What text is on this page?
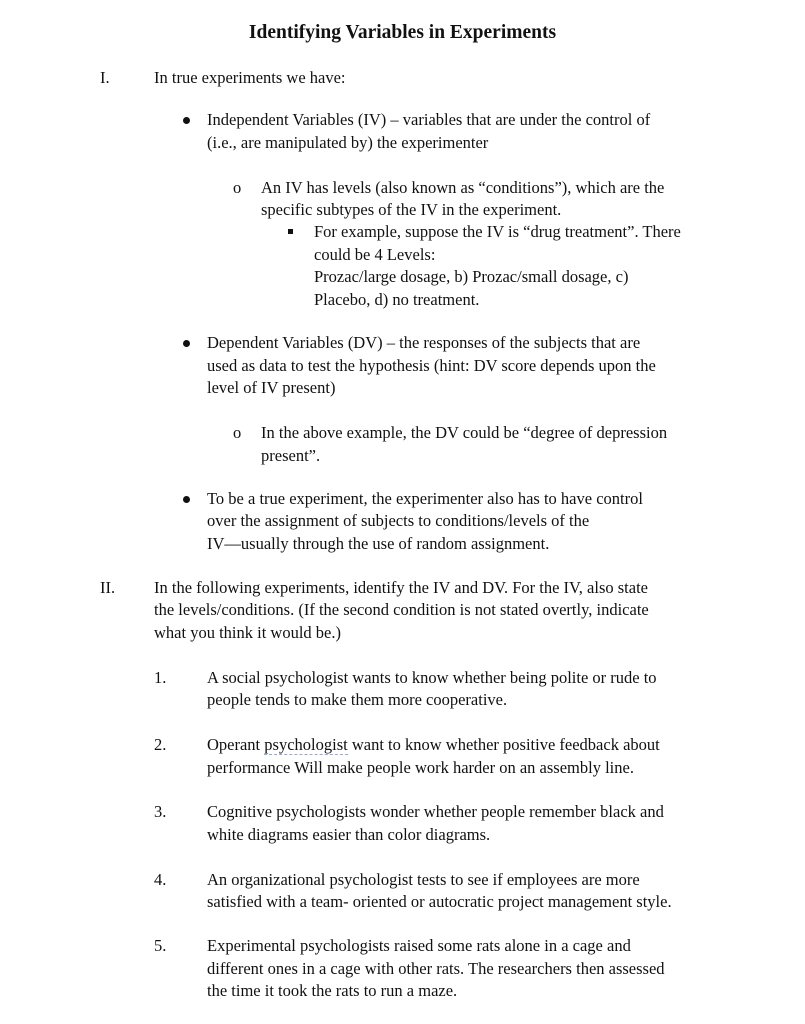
Identifying Variables in Experiments
I.	In true experiments we have:
Independent Variables (IV) – variables that are under the control of
(i.e., are manipulated by) the experimenter
o An IV has levels (also known as “conditions”), which are the
specific subtypes of the IV in the experiment.
For example, suppose the IV is “drug treatment”. There
could be 4 Levels:
Prozac/large dosage, b) Prozac/small dosage, c)
Placebo, d) no treatment.
Dependent Variables (DV) – the responses of the subjects that are
used as data to test the hypothesis (hint: DV score depends upon the
level of IV present)
o In the above example, the DV could be “degree of depression
present”.
To be a true experiment, the experimenter also has to have control
over the assignment of subjects to conditions/levels of the
IV—usually through the use of random assignment.
II. In the following experiments, identify the IV and DV. For the IV, also state
the levels/conditions. (If the second condition is not stated overtly, indicate
what you think it would be.)
1. A social psychologist wants to know whether being polite or rude to
people tends to make them more cooperative.
2. Operant psychologist want to know whether positive feedback about
performance Will make people work harder on an assembly line.
3. Cognitive psychologists wonder whether people remember black and
white diagrams easier than color diagrams.
4. An organizational psychologist tests to see if employees are more
satisfied with a team- oriented or autocratic project management style.
5. Experimental psychologists raised some rats alone in a cage and
different ones in a cage with other rats. The researchers then assessed
the time it took the rats to run a maze.
